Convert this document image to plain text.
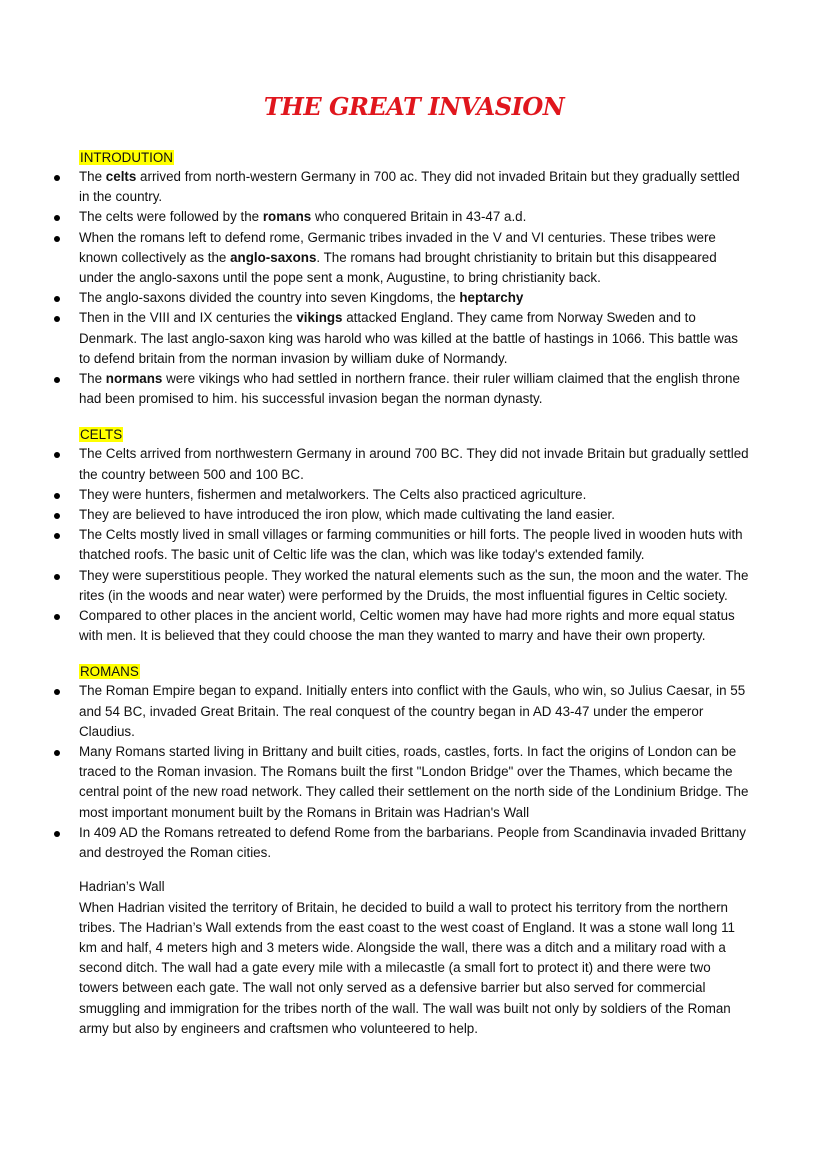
THE GREAT INVASION
INTRODUTION
The celts arrived from north-western Germany in 700 ac. They did not invaded Britain but they gradually settled in the country.
The celts were followed by the romans who conquered Britain in 43-47 a.d.
When the romans left to defend rome, Germanic tribes invaded in the V and VI centuries. These tribes were known collectively as the anglo-saxons. The romans had brought christianity to britain but this disappeared under the anglo-saxons until the pope sent a monk, Augustine, to bring christianity back.
The anglo-saxons divided the country into seven Kingdoms, the heptarchy
Then in the VIII and IX centuries the vikings attacked England. They came from Norway Sweden and to Denmark. The last anglo-saxon king was harold who was killed at the battle of hastings in 1066. This battle was to defend britain from the norman invasion by william duke of Normandy.
The normans were vikings who had settled in northern france. their ruler william claimed that the english throne had been promised to him. his successful invasion began the norman dynasty.
CELTS
The Celts arrived from northwestern Germany in around 700 BC. They did not invade Britain but gradually settled the country between 500 and 100 BC.
They were hunters, fishermen and metalworkers. The Celts also practiced agriculture.
They are believed to have introduced the iron plow, which made cultivating the land easier.
The Celts mostly lived in small villages or farming communities or hill forts. The people lived in wooden huts with thatched roofs. The basic unit of Celtic life was the clan, which was like today's extended family.
They were superstitious people. They worked the natural elements such as the sun, the moon and the water. The rites (in the woods and near water) were performed by the Druids, the most influential figures in Celtic society.
Compared to other places in the ancient world, Celtic women may have had more rights and more equal status with men. It is believed that they could choose the man they wanted to marry and have their own property.
ROMANS
The Roman Empire began to expand. Initially enters into conflict with the Gauls, who win, so Julius Caesar, in 55 and 54 BC, invaded Great Britain. The real conquest of the country began in AD 43-47 under the emperor Claudius.
Many Romans started living in Brittany and built cities, roads, castles, forts. In fact the origins of London can be traced to the Roman invasion. The Romans built the first "London Bridge" over the Thames, which became the central point of the new road network. They called their settlement on the north side of the Londinium Bridge. The most important monument built by the Romans in Britain was Hadrian's Wall
In 409 AD the Romans retreated to defend Rome from the barbarians. People from Scandinavia invaded Brittany and destroyed the Roman cities.
Hadrian’s Wall
When Hadrian visited the territory of Britain, he decided to build a wall to protect his territory from the northern tribes. The Hadrian’s Wall extends from the east coast to the west coast of England. It was a stone wall long 11 km and half, 4 meters high and 3 meters wide. Alongside the wall, there was a ditch and a military road with a second ditch. The wall had a gate every mile with a milecastle (a small fort to protect it) and there were two towers between each gate. The wall not only served as a defensive barrier but also served for commercial smuggling and immigration for the tribes north of the wall. The wall was built not only by soldiers of the Roman army but also by engineers and craftsmen who volunteered to help.
